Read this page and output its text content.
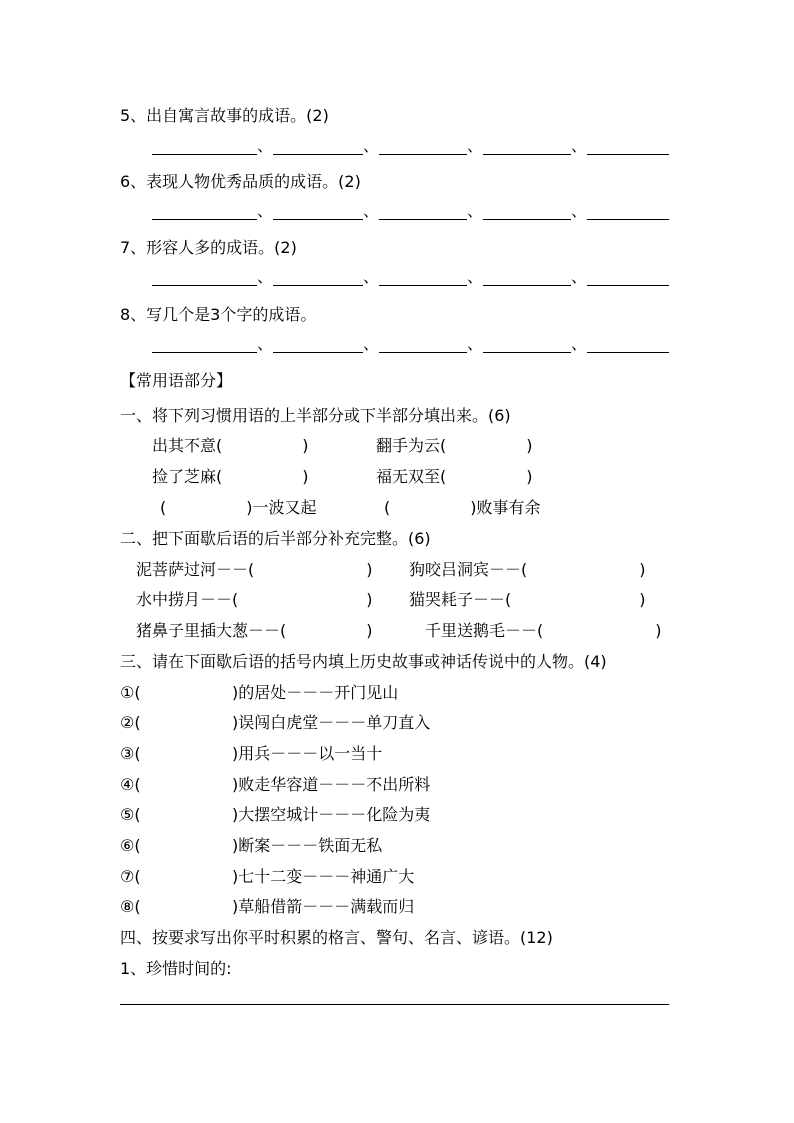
5、出自寓言故事的成语。(2)
、	、	、	、
6、表现人物优秀品质的成语。(2)
、	、	、	、
7、形容人多的成语。(2)
、	、	、	、
8、写几个是3个字的成语。
、	、	、	、
【常用语部分】
一、将下列习惯用语的上半部分或下半部分填出来。(6)
出其不意(　　　　　)	翻手为云(　　　　　)
捡了芝麻(　　　　　)	福无双至(　　　　　)
(　　　　　)一波又起	(　　　　　)败事有余
二、把下面歇后语的后半部分补充完整。(6)
泥菩萨过河－－(　　　　　　　) 狗咬吕洞宾－－(　　　　　　　)
水中捞月－－(　　　　　　　　) 猫哭耗子－－(　　　　　　　　)
猪鼻子里插大葱－－(　　　　　)	千里送鹅毛－－(　　　　　　　)
三、请在下面歇后语的括号内填上历史故事或神话传说中的人物。(4)
①(	)的居处－－－开门见山
②(	)误闯白虎堂－－－单刀直入
③(	)用兵－－－以一当十
④(	)败走华容道－－－不出所料
⑤(	)大摆空城计－－－化险为夷
⑥(	)断案－－－铁面无私
⑦(	)七十二变－－－神通广大
⑧(	)草船借箭－－－满载而归
四、按要求写出你平时积累的格言、警句、名言、谚语。(12)
1、珍惜时间的:
